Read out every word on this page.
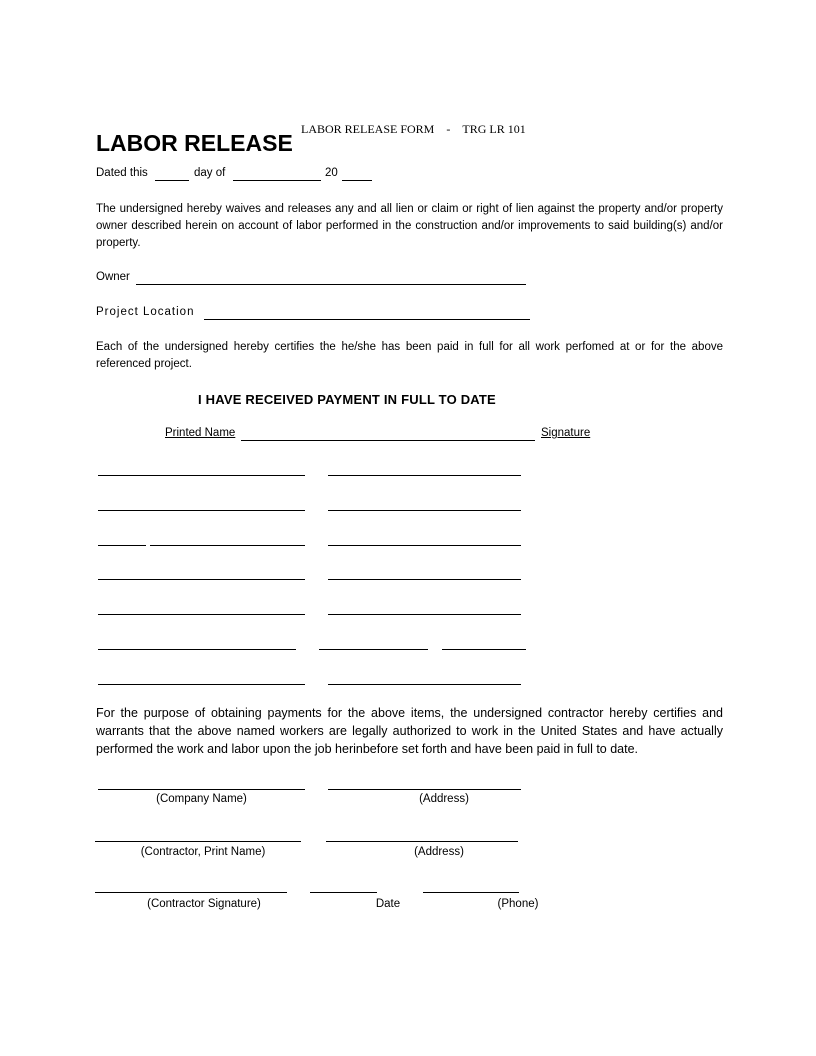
LABOR RELEASE FORM - TRG LR 101

LABOR RELEASE
Dated this	day of	20
The undersigned hereby waives and releases any and all lien or claim or right of lien against the property and/or property owner described herein on account of labor performed in the construction and/or improvements to said building(s) and/or property.
Owner
Project Location
Each of the undersigned hereby certifies the he/she has been paid in full for all work perfomed at or for the above referenced project.
I HAVE RECEIVED PAYMENT IN FULL TO DATE
Printed Name	Signature
For the purpose of obtaining payments for the above items, the undersigned contractor hereby certifies and warrants that the above named workers are legally authorized to work in the United States and have actually performed the work and labor upon the job herinbefore set forth and have been paid in full to date.
(Company Name)	(Address)
(Contractor, Print Name)	(Address)
(Contractor Signature)	Date	(Phone)
